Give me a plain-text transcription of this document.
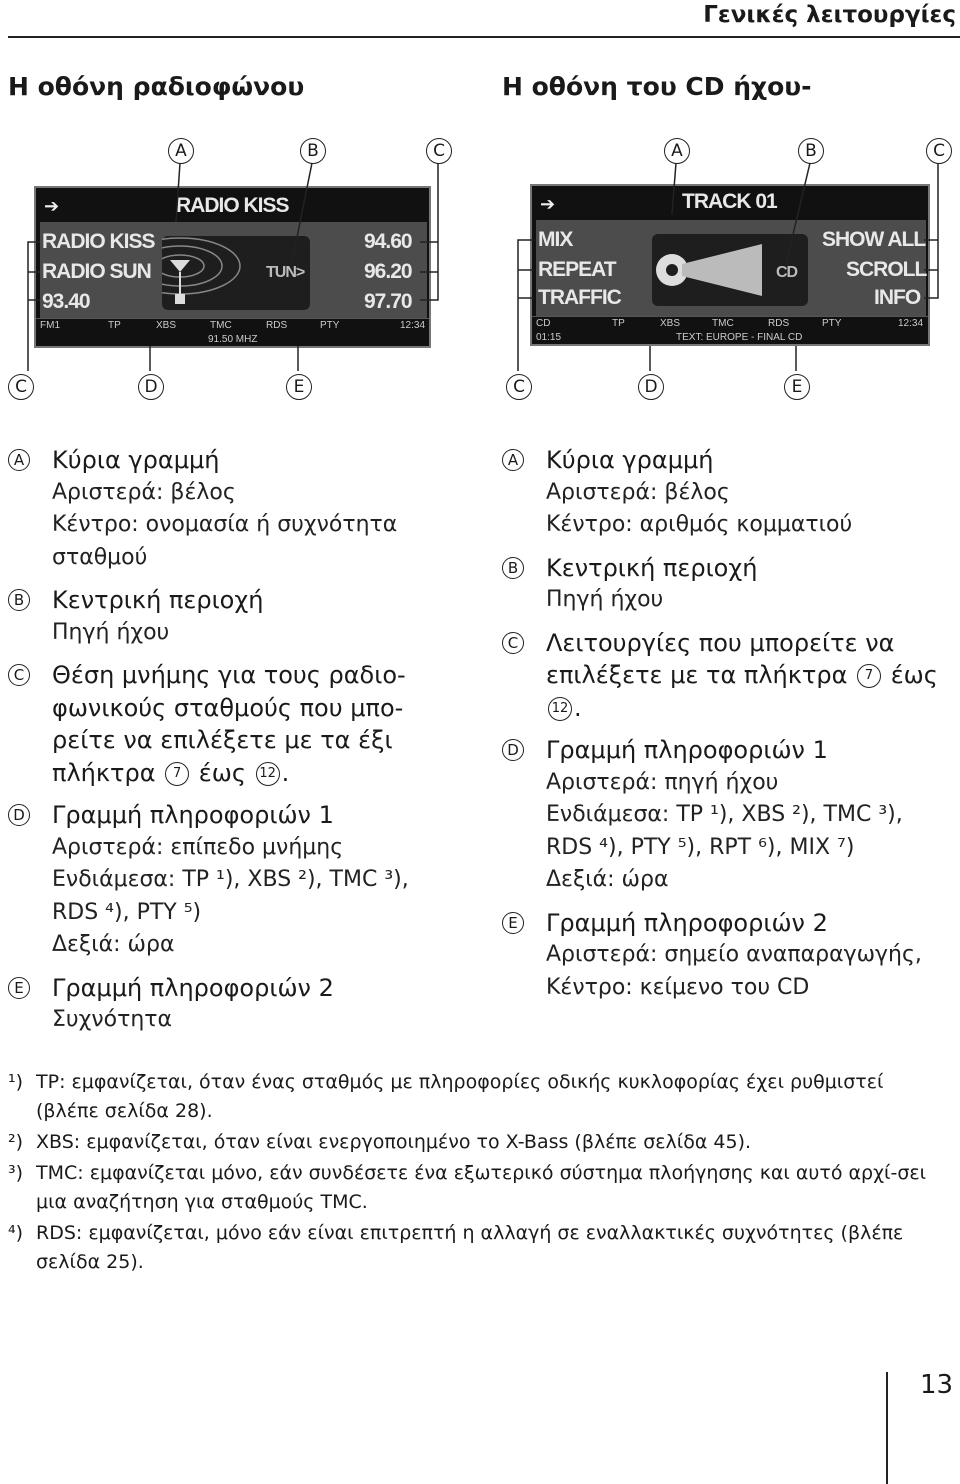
Γενικές λειτουργίες
Η οθόνη ραδιοφώνου	Η οθόνη του CD ήχου-
A	B	C	A	B	C
➔	RADIO KISS
TUN>
RADIO KISS
RADIO SUN
93.40
94.60
96.20
97.70
FM1	TP	XBS	TMC	RDS	PTY	12:34
91.50 MHZ
➔	TRACK 01
CD
MIX
REPEAT
TRAFFIC
SHOW ALL
SCROLL
INFO
CD	TP	XBS	TMC	RDS	PTY	12:34
01:15	TEXT: EUROPE - FINAL CD
C	D	E	C	D	E
A Κύρια γραμμή
Αριστερά: βέλος
Κέντρο: ονομασία ή συχνότητα σταθμού
B Κεντρική περιοχή
Πηγή ήχου
C Θέση μνήμης για τους ραδιο-φωνικούς σταθμούς που μπο-ρείτε να επιλέξετε με τα έξι πλήκτρα 7 έως 12 .
D Γραμμή πληροφοριών 1
Αριστερά: επίπεδο μνήμης
Ενδιάμεσα: TP ¹), XBS ²), TMC ³), RDS ⁴), PTY ⁵)
Δεξιά: ώρα
E Γραμμή πληροφοριών 2
Συχνότητα
A Κύρια γραμμή
Αριστερά: βέλος
Κέντρο: αριθμός κομματιού
B Κεντρική περιοχή
Πηγή ήχου
C Λειτουργίες που μπορείτε να επιλέξετε με τα πλήκτρα 7 έως 12 .
D Γραμμή πληροφοριών 1
Αριστερά: πηγή ήχου
Ενδιάμεσα: TP ¹), XBS ²), TMC ³), RDS ⁴), PTY ⁵), RPT ⁶), MIX ⁷)
Δεξιά: ώρα
E Γραμμή πληροφοριών 2
Αριστερά: σημείο αναπαραγωγής,
Κέντρο: κείμενο του CD
¹) TP: εμφανίζεται, όταν ένας σταθμός με πληροφορίες οδικής κυκλοφορίας έχει ρυθμιστεί (βλέπε σελίδα 28).
²) XBS: εμφανίζεται, όταν είναι ενεργοποιημένο το X-Bass (βλέπε σελίδα 45).
³) TMC: εμφανίζεται μόνο, εάν συνδέσετε ένα εξωτερικό σύστημα πλοήγησης και αυτό αρχί-σει μια αναζήτηση για σταθμούς TMC.
⁴) RDS: εμφανίζεται, μόνο εάν είναι επιτρεπτή η αλλαγή σε εναλλακτικές συχνότητες (βλέπε σελίδα 25).
13
